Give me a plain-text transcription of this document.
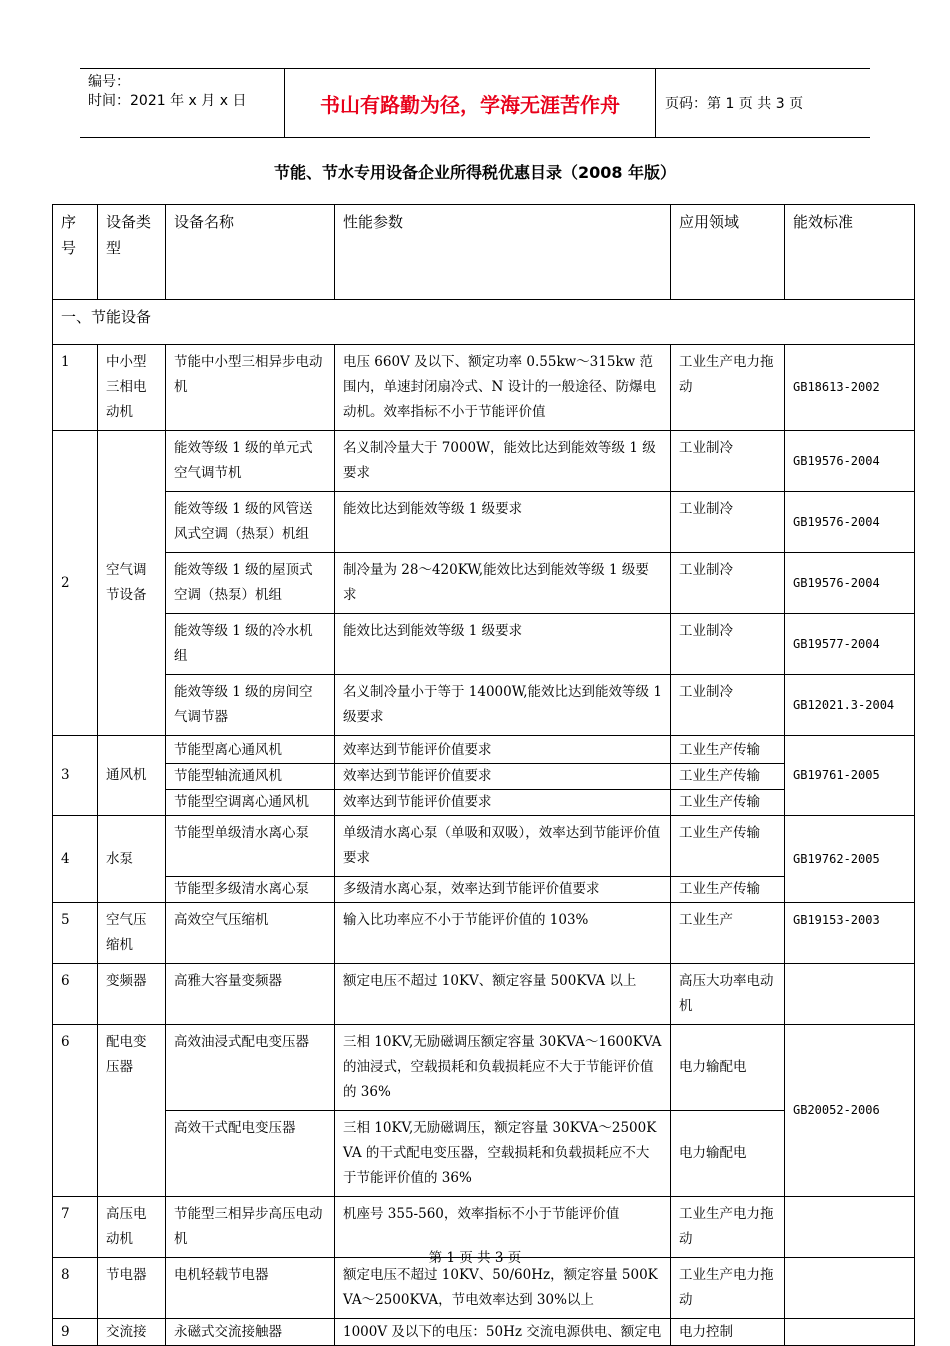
编号：
时间：2021 年 x 月 x 日	书山有路勤为径，学海无涯苦作舟	页码：第 1 页 共 3 页
节能、节水专用设备企业所得税优惠目录（2008 年版）
序号	设备类型	设备名称	性能参数	应用领域	能效标准
一、节能设备					
1	中小型三相电动机	节能中小型三相异步电动机	电压 660V 及以下、额定功率 0.55kw～315kw 范围内，单速封闭扇冷式、N 设计的一般途径、防爆电动机。效率指标不小于节能评价值	工业生产电力拖动	GB18613-2002
2	空气调节设备	能效等级 1 级的单元式空气调节机	名义制冷量大于 7000W，能效比达到能效等级 1 级要求	工业制冷	GB19576-2004
		能效等级 1 级的风管送风式空调（热泵）机组	能效比达到能效等级 1 级要求	工业制冷	GB19576-2004
		能效等级 1 级的屋顶式空调（热泵）机组	制冷量为 28～420KW,能效比达到能效等级 1 级要求	工业制冷	GB19576-2004
		能效等级 1 级的冷水机组	能效比达到能效等级 1 级要求	工业制冷	GB19577-2004
		能效等级 1 级的房间空气调节器	名义制冷量小于等于 14000W,能效比达到能效等级 1 级要求	工业制冷	GB12021.3-2004
3	通风机	节能型离心通风机	效率达到节能评价值要求	工业生产传输	GB19761-2005
		节能型轴流通风机	效率达到节能评价值要求	工业生产传输	
		节能型空调离心通风机	效率达到节能评价值要求	工业生产传输	
4	水泵	节能型单级清水离心泵	单级清水离心泵（单吸和双吸），效率达到节能评价值要求	工业生产传输	GB19762-2005
		节能型多级清水离心泵	多级清水离心泵，效率达到节能评价值要求	工业生产传输	
5	空气压缩机	高效空气压缩机	输入比功率应不小于节能评价值的 103%	工业生产	GB19153-2003
6	变频器	高雅大容量变频器	额定电压不超过 10KV、额定容量 500KVA 以上	高压大功率电动机	
6	配电变压器	高效油浸式配电变压器	三相 10KV,无励磁调压额定容量 30KVA～1600KVA 的油浸式，空载损耗和负载损耗应不大于节能评价值的 36%	电力输配电	GB20052-2006
		高效干式配电变压器	三相 10KV,无励磁调压，额定容量 30KVA～2500KVA 的干式配电变压器，空载损耗和负载损耗应不大于节能评价值的 36%	电力输配电	
7	高压电动机	节能型三相异步高压电动机	机座号 355-560，效率指标不小于节能评价值	工业生产电力拖动	
8	节电器	电机轻载节电器	额定电压不超过 10KV、50/60Hz，额定容量 500KVA～2500KVA，节电效率达到 30%以上	工业生产电力拖动	
9	交流接	永磁式交流接触器	1000V 及以下的电压：50Hz 交流电源供电、额定电	电力控制	
第 1 页 共 3 页
